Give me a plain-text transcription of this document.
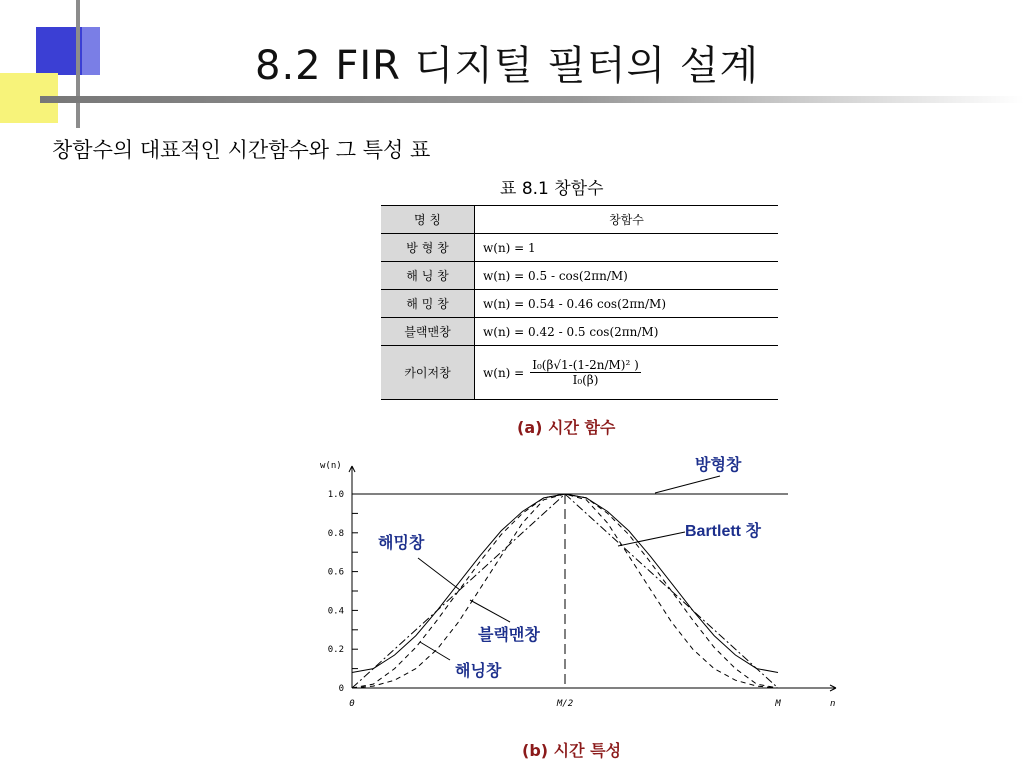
8.2 FIR 디지털 필터의 설계
창함수의 대표적인 시간함수와 그 특성 표
표 8.1 창함수
명 칭	창함수
방 형 창	w(n) = 1
해 닝 창	w(n) = 0.5 - cos(2πn/M)
해 밍 창	w(n) = 0.54 - 0.46 cos(2πn/M)
블랙맨창	w(n) = 0.42 - 0.5 cos(2πn/M)
카이저창	$w(n) = \frac{\text{I₀(β√1-(1-2n/M)² )}}{\text{I₀(β)}}$
(a) 시간 함수
0
0.2
0.4
0.6
0.8
1.0
w(n)
0	M/2	M	n
방형창
Bartlett 창
해밍창
블랙맨창
해닝창
(b) 시간 특성
